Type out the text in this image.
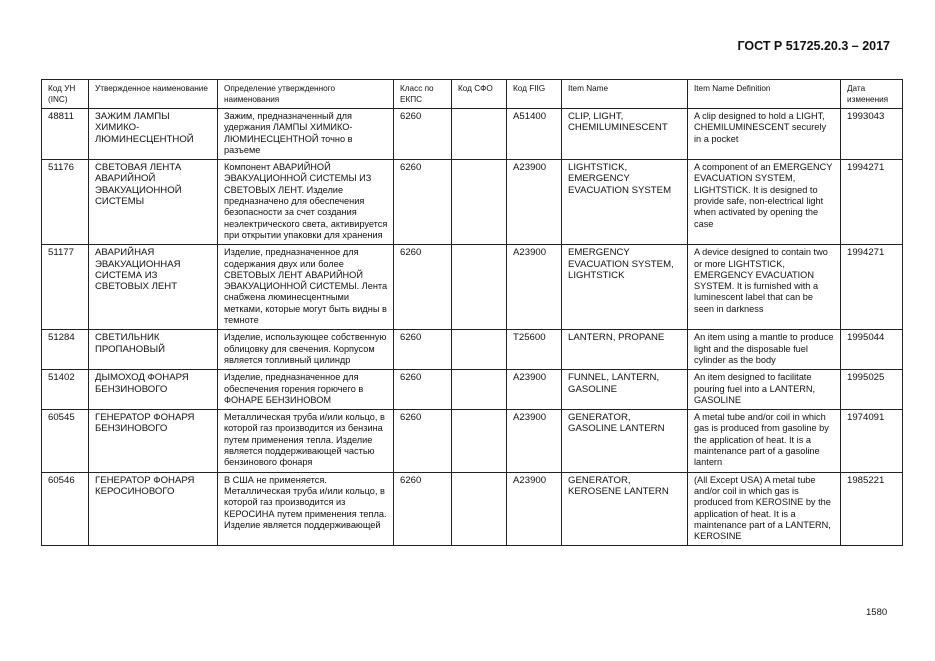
ГОСТ Р 51725.20.3 – 2017
Код УН (INC)	Утвержденное наименование	Определение утвержденного наименования	Класс по ЕКПС	Код СФО	Код FIIG	Item Name	Item Name Definition	Дата изменения
48811	ЗАЖИМ ЛАМПЫ ХИМИКО-ЛЮМИНЕСЦЕНТНОЙ	Зажим, предназначенный для удержания ЛАМПЫ ХИМИКО-ЛЮМИНЕСЦЕНТНОЙ точно в разъеме	6260		A51400	CLIP, LIGHT, CHEMILUMINESCENT	A clip designed to hold a LIGHT, CHEMILUMINESCENT securely in a pocket	1993043
51176	СВЕТОВАЯ ЛЕНТА АВАРИЙНОЙ ЭВАКУАЦИОННОЙ СИСТЕМЫ	Компонент АВАРИЙНОЙ ЭВАКУАЦИОННОЙ СИСТЕМЫ ИЗ СВЕТОВЫХ ЛЕНТ. Изделие предназначено для обеспечения безопасности за счет создания неэлектрического света, активируется при открытии упаковки для хранения	6260		A23900	LIGHTSTICK, EMERGENCY EVACUATION SYSTEM	A component of an EMERGENCY EVACUATION SYSTEM, LIGHTSTICK. It is designed to provide safe, non-electrical light when activated by opening the case	1994271
51177	АВАРИЙНАЯ ЭВАКУАЦИОННАЯ СИСТЕМА ИЗ СВЕТОВЫХ ЛЕНТ	Изделие, предназначенное для содержания двух или более СВЕТОВЫХ ЛЕНТ АВАРИЙНОЙ ЭВАКУАЦИОННОЙ СИСТЕМЫ. Лента снабжена люминесцентными метками, которые могут быть видны в темноте	6260		A23900	EMERGENCY EVACUATION SYSTEM, LIGHTSTICK	A device designed to contain two or more LIGHTSTICK, EMERGENCY EVACUATION SYSTEM. It is furnished with a luminescent label that can be seen in darkness	1994271
51284	СВЕТИЛЬНИК ПРОПАНОВЫЙ	Изделие, использующее собственную облицовку для свечения. Корпусом является топливный цилиндр	6260		T25600	LANTERN, PROPANE	An item using a mantle to produce light and the disposable fuel cylinder as the body	1995044
51402	ДЫМОХОД ФОНАРЯ БЕНЗИНОВОГО	Изделие, предназначенное для обеспечения горения горючего в ФОНАРЕ БЕНЗИНОВОМ	6260		A23900	FUNNEL, LANTERN, GASOLINE	An item designed to facilitate pouring fuel into a LANTERN, GASOLINE	1995025
60545	ГЕНЕРАТОР ФОНАРЯ БЕНЗИНОВОГО	Металлическая труба и/или кольцо, в которой газ производится из бензина путем применения тепла. Изделие является поддерживающей частью бензинового фонаря	6260		A23900	GENERATOR, GASOLINE LANTERN	A metal tube and/or coil in which gas is produced from gasoline by the application of heat. It is a maintenance part of a gasoline lantern	1974091
60546	ГЕНЕРАТОР ФОНАРЯ КЕРОСИНОВОГО	В США не применяется. Металлическая труба и/или кольцо, в которой газ производится из КЕРОСИНА путем применения тепла. Изделие является поддерживающей	6260		A23900	GENERATOR, KEROSENE LANTERN	(All Except USA) A metal tube and/or coil in which gas is produced from KEROSINE by the application of heat. It is a maintenance part of a LANTERN, KEROSINE	1985221
1580
